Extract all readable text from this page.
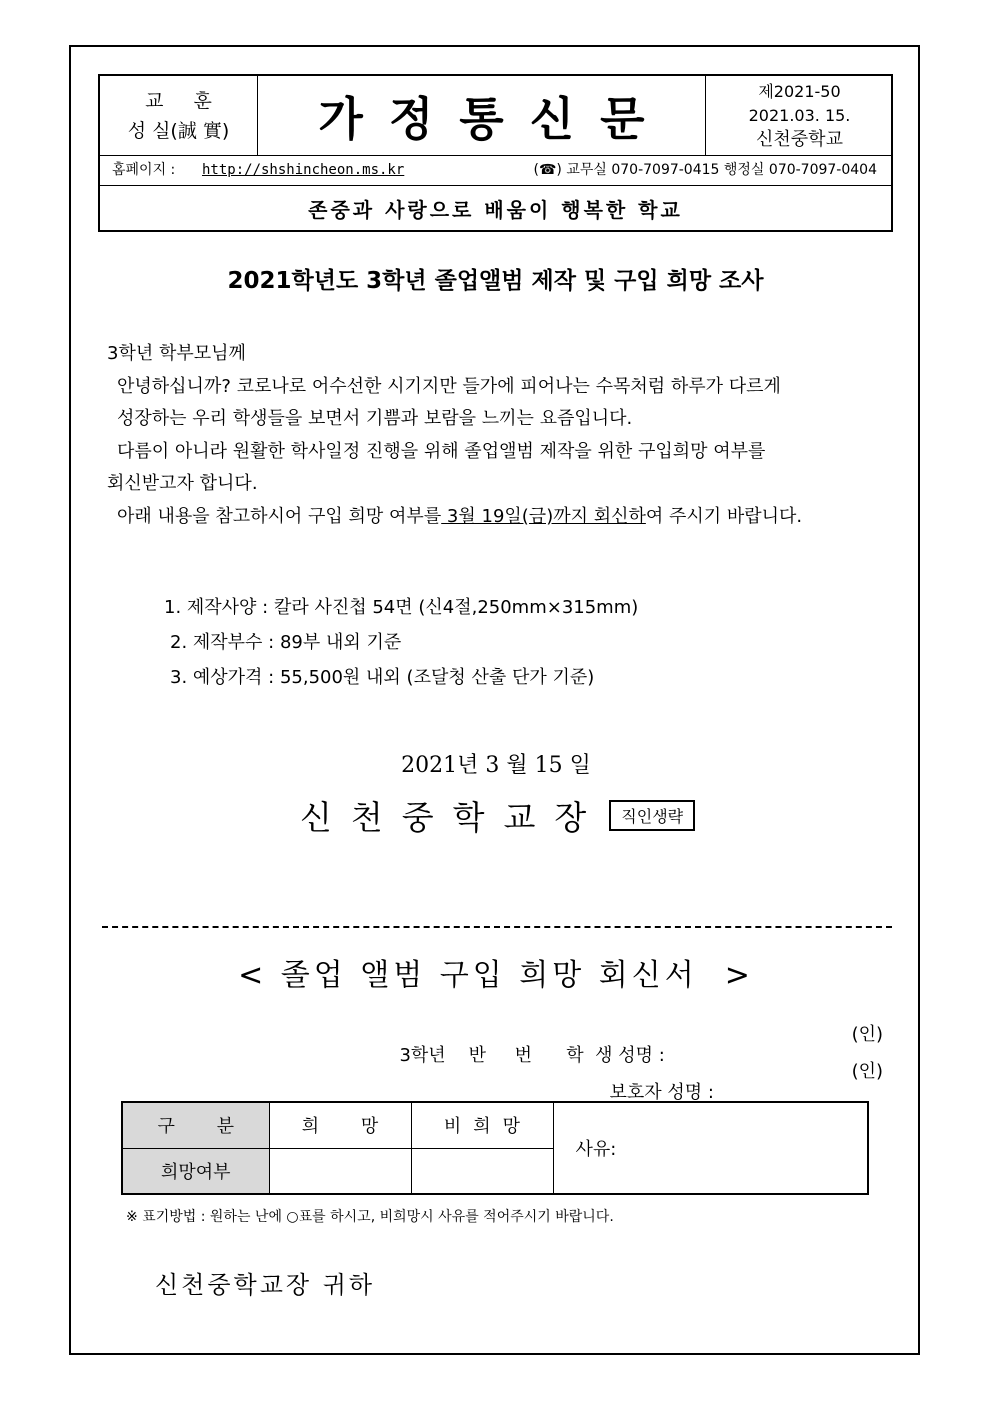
교 훈
성 실(誠 實)	가정통신문
제2021-50
2021.03. 15.
신천중학교
홈페이지 : http://shshincheon.ms.kr	(☎) 교무실 070-7097-0415 행정실 070-7097-0404
존중과 사랑으로 배움이 행복한 학교
2021학년도 3학년 졸업앨범 제작 및 구입 희망 조사

3학년 학부모님께

안녕하십니까? 코로나로 어수선한 시기지만 들가에 피어나는 수목처럼 하루가 다르게

성장하는 우리 학생들을 보면서 기쁨과 보람을 느끼는 요즘입니다.

다름이 아니라 원활한 학사일정 진행을 위해 졸업앨범 제작을 위한 구입희망 여부를

회신받고자 합니다.

아래 내용을 참고하시어 구입 희망 여부를 3월 19일(금)까지 회신하여 주시기 바랍니다.

1. 제작사양 : 칼라 사진첩 54면 (신4절,250mm×315mm)
2. 제작부수 : 89부 내외 기준
3. 예상가격 : 55,500원 내외 (조달청 산출 단가 기준)
2021년 3 월 15 일
신천중학교장	직인생략
< 졸업 앨범 구입 희망 회신서  >

3학년    반     번      학  생 성명 :

(인)

보호자 성명 :

(인)

구 분	희 망	비희망	사유:
희망여부			
※ 표기방법 : 원하는 난에 ○표를 하시고, 비희망시 사유를 적어주시기 바랍니다.
신천중학교장 귀하
